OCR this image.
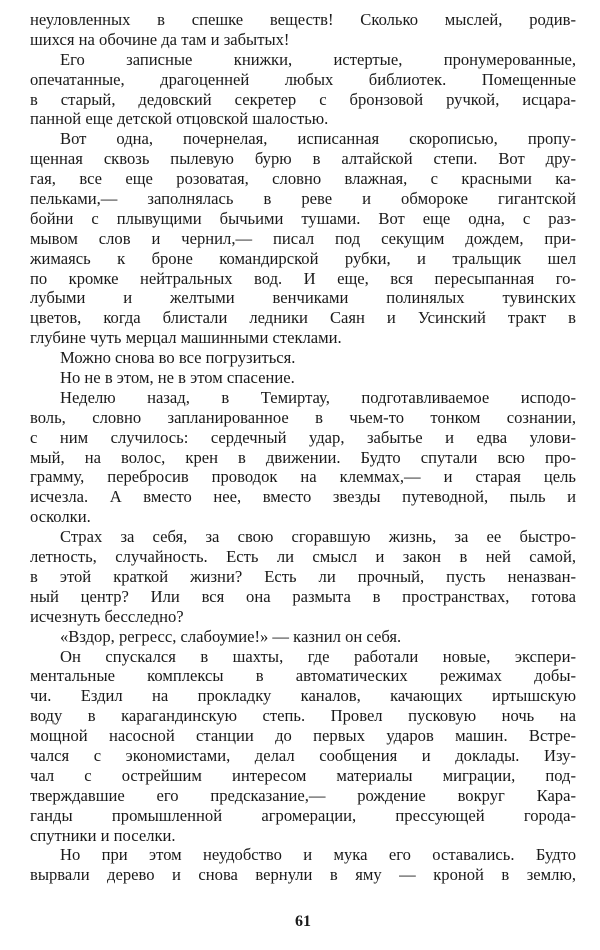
неуловленных в спешке веществ! Сколько мыслей, родив-
шихся на обочине да там и забытых!
Его записные книжки, истертые, пронумерованные,
опечатанные, драгоценней любых библиотек. Помещенные
в старый, дедовский секретер с бронзовой ручкой, исцара-
панной еще детской отцовской шалостью.
Вот одна, почернелая, исписанная скорописью, пропу-
щенная сквозь пылевую бурю в алтайской степи. Вот дру-
гая, все еще розоватая, словно влажная, с красными ка-
пельками,— заполнялась в реве и обмороке гигантской
бойни с плывущими бычьими тушами. Вот еще одна, с раз-
мывом слов и чернил,— писал под секущим дождем, при-
жимаясь к броне командирской рубки, и тральщик шел
по кромке нейтральных вод. И еще, вся пересыпанная го-
лубыми и желтыми венчиками полинялых тувинских
цветов, когда блистали ледники Саян и Усинский тракт в
глубине чуть мерцал машинными стеклами.
Можно снова во все погрузиться.
Но не в этом, не в этом спасение.
Неделю назад, в Темиртау, подготавливаемое исподо-
воль, словно запланированное в чьем-то тонком сознании,
с ним случилось: сердечный удар, забытье и едва улови-
мый, на волос, крен в движении. Будто спутали всю про-
грамму, перебросив проводок на клеммах,— и старая цель
исчезла. А вместо нее, вместо звезды путеводной, пыль и
осколки.
Страх за себя, за свою сгоравшую жизнь, за ее быстро-
летность, случайность. Есть ли смысл и закон в ней самой,
в этой краткой жизни? Есть ли прочный, пусть неназван-
ный центр? Или вся она размыта в пространствах, готова
исчезнуть бесследно?
«Вздор, регресс, слабоумие!» — казнил он себя.
Он спускался в шахты, где работали новые, экспери-
ментальные комплексы в автоматических режимах добы-
чи. Ездил на прокладку каналов, качающих иртышскую
воду в карагандинскую степь. Провел пусковую ночь на
мощной насосной станции до первых ударов машин. Встре-
чался с экономистами, делал сообщения и доклады. Изу-
чал с острейшим интересом материалы миграции, под-
тверждавшие его предсказание,— рождение вокруг Кара-
ганды промышленной агромерации, прессующей города-
спутники и поселки.
Но при этом неудобство и мука его оставались. Будто
вырвали дерево и снова вернули в яму — кроной в землю,
61
